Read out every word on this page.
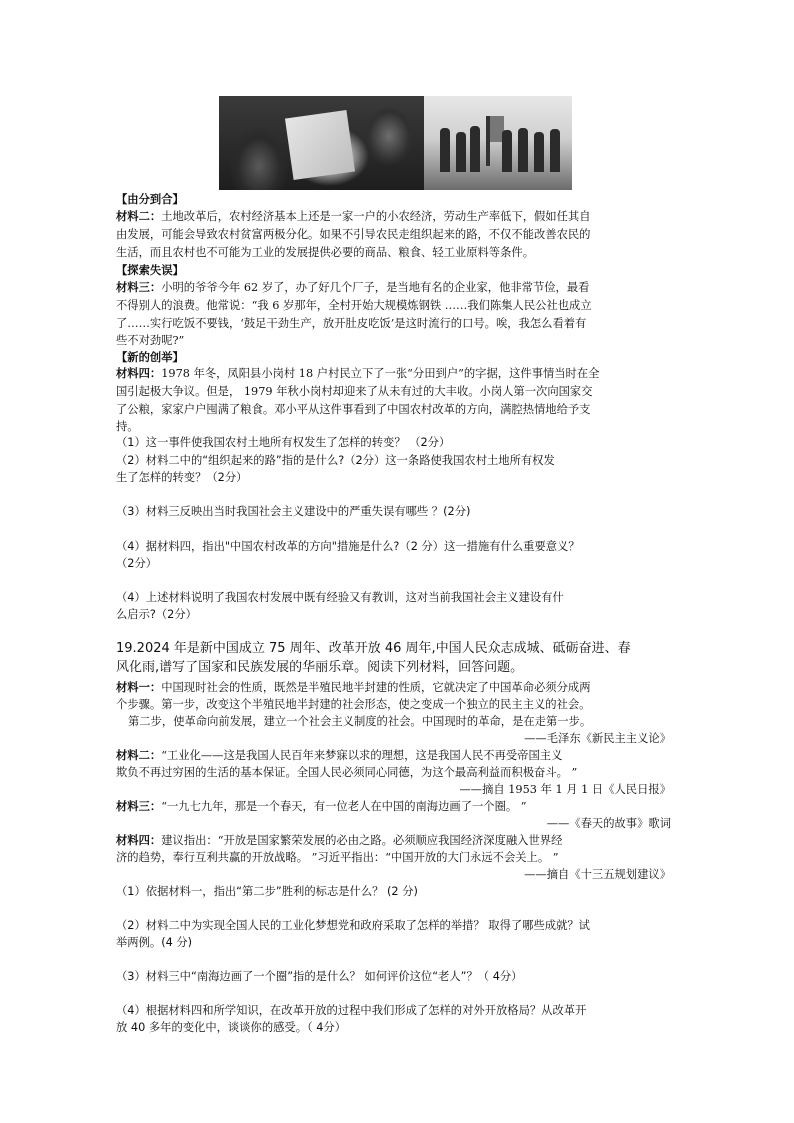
【由分到合】
材料二：土地改革后，农村经济基本上还是一家一户的小农经济，劳动生产率低下，假如任其自
由发展，可能会导致农村贫富两极分化。如果不引导农民走组织起来的路，不仅不能改善农民的
生活，而且农村也不可能为工业的发展提供必要的商品、粮食、轻工业原料等条件。
【探索失误】
材料三：小明的爷爷今年 62 岁了，办了好几个厂子，是当地有名的企业家，他非常节俭，最看
不得别人的浪费。他常说：“我 6 岁那年，全村开始大规模炼钢铁 ……我们陈集人民公社也成立
了……实行吃饭不要钱，‘鼓足干劲生产，放开肚皮吃饭’是这时流行的口号。唉，我怎么看着有
些不对劲呢?”
【新的创举】
材料四：1978 年冬，凤阳县小岗村 18 户村民立下了一张“分田到户”的字据，这件事情当时在全
国引起极大争议。但是， 1979 年秋小岗村却迎来了从未有过的大丰收。小岗人第一次向国家交
了公粮，家家户户囤满了粮食。邓小平从这件事看到了中国农村改革的方向，满腔热情地给予支
持。
（1）这一事件使我国农村土地所有权发生了怎样的转变？ （2分）
（2）材料二中的“组织起来的路”指的是什么?（2分）这一条路使我国农村土地所有权发
生了怎样的转变？（2分）
（3）材料三反映出当时我国社会主义建设中的严重失误有哪些 ？(2分)
（4）据材料四，指出"中国农村改革的方向"措施是什么?（2 分）这一措施有什么重要意义？
（2分）
（4）上述材料说明了我国农村发展中既有经验又有教训，这对当前我国社会主义建设有什
么启示?（2分）
19.2024 年是新中国成立 75 周年、改革开放 46 周年,中国人民众志成城、砥砺奋进、春
风化雨,谱写了国家和民族发展的华丽乐章。阅读下列材料，回答问题。
材料一：中国现时社会的性质，既然是半殖民地半封建的性质，它就决定了中国革命必须分成两
个步骤。第一步，改变这个半殖民地半封建的社会形态，使之变成一个独立的民主主义的社会。
第二步，使革命向前发展，建立一个社会主义制度的社会。中国现时的革命，是在走第一步。
——毛泽东《新民主主义论》
材料二：“工业化——这是我国人民百年来梦寐以求的理想，这是我国人民不再受帝国主义
欺负不再过穷困的生活的基本保证。全国人民必须同心同德，为这个最高利益而积极奋斗。 ”
——摘自 1953 年 1 月 1 日《人民日报》
材料三：“一九七九年，那是一个春天，有一位老人在中国的南海边画了一个圈。 ”
——《春天的故事》歌词
材料四：建议指出：“开放是国家繁荣发展的必由之路。必须顺应我国经济深度融入世界经
济的趋势，奉行互利共赢的开放战略。 ”习近平指出：“中国开放的大门永远不会关上。 ”
——摘自《十三五规划建议》
（1）依据材料一，指出“第二步”胜利的标志是什么？ (2 分)
（2）材料二中为实现全国人民的工业化梦想党和政府采取了怎样的举措？ 取得了哪些成就？试
举两例。(4 分)
（3）材料三中“南海边画了一个圈”指的是什么？ 如何评价这位“老人”？（ 4分）
（4）根据材料四和所学知识，在改革开放的过程中我们形成了怎样的对外开放格局？从改革开
放 40 多年的变化中，谈谈你的感受。（ 4分）
